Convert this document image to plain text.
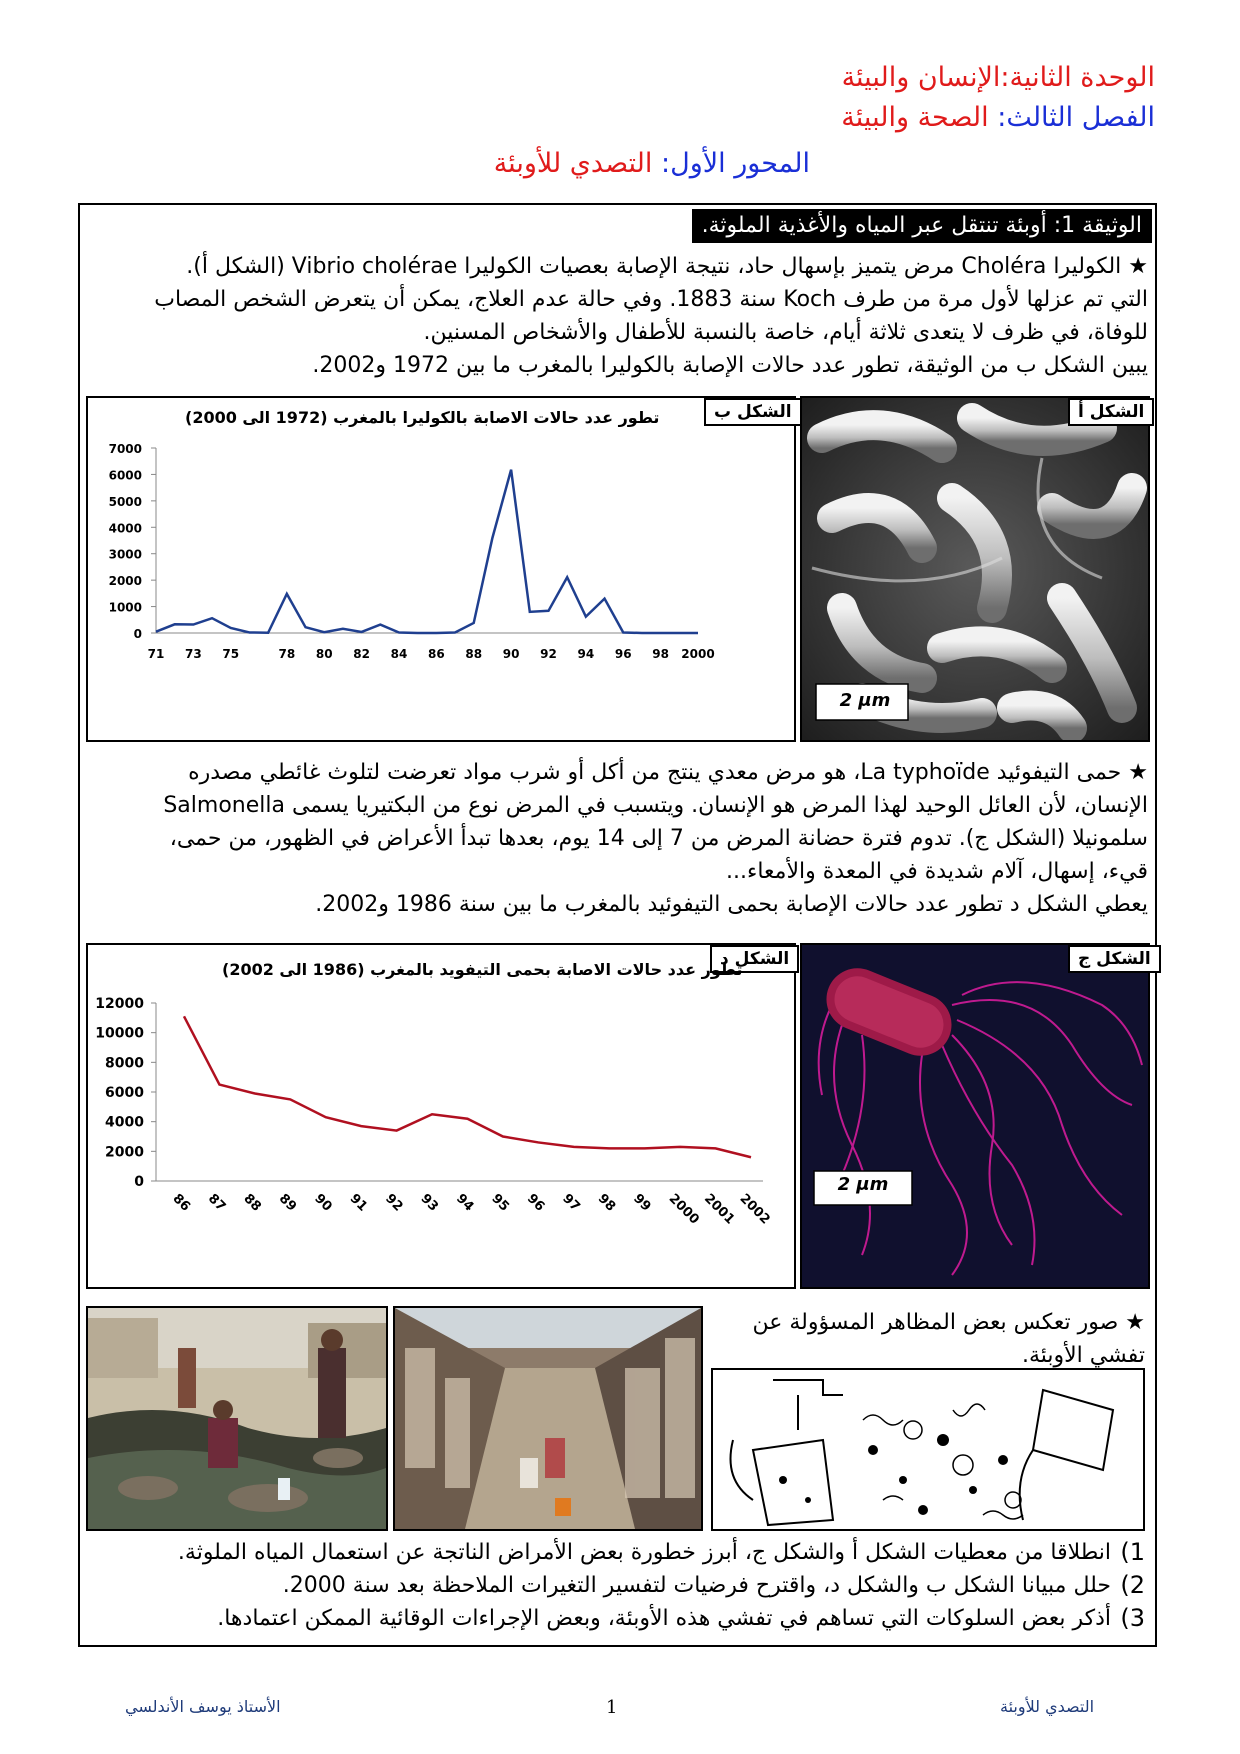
الوحدة الثانية:الإنسان والبيئة
الفصل الثالث: الصحة والبيئة
المحور الأول: التصدي للأوبئة
الوثيقة 1: أوبئة تنتقل عبر المياه والأغذية الملوثة.
★ الكوليرا Choléra مرض يتميز بإسهال حاد، نتيجة الإصابة بعصيات الكوليرا Vibrio cholérae (الشكل أ).
التي تم عزلها لأول مرة من طرف Koch سنة 1883. وفي حالة عدم العلاج، يمكن أن يتعرض الشخص المصاب
للوفاة، في ظرف لا يتعدى ثلاثة أيام، خاصة بالنسبة للأطفال والأشخاص المسنين.
يبين الشكل ب من الوثيقة، تطور عدد حالات الإصابة بالكوليرا بالمغرب ما بين 1972 و2002.
0
1000
2000
3000
4000
5000
6000
7000
71 73 75	78 80 82 84 86 88 90 92 94 96 98 2000
الشكل ب
تطور عدد حالات الاصابة بالكوليرا بالمغرب (1972 الى 2000)	الشكل أ
2 μm
★ حمى التيفوئيد La typhoïde، هو مرض معدي ينتج من أكل أو شرب مواد تعرضت لتلوث غائطي مصدره
الإنسان، لأن العائل الوحيد لهذا المرض هو الإنسان. ويتسبب في المرض نوع من البكتيريا يسمى Salmonella
سلمونيلا (الشكل ج). تدوم فترة حضانة المرض من 7 إلى 14 يوم، بعدها تبدأ الأعراض في الظهور، من حمى،
قيء، إسهال، آلام شديدة في المعدة والأمعاء...
يعطي الشكل د تطور عدد حالات الإصابة بحمى التيفوئيد بالمغرب ما بين سنة 1986 و2002.
0
2000
4000
6000
8000
10000
12000
86 87 88 89 90 91 92 93 94 95 96 97 98 99 2000 2001 2002
الشكل د
تطور عدد حالات الاصابة بحمى التيفويد بالمغرب (1986 الى 2002)
الشكل ج
2 μm
★ صور تعكس بعض المظاهر المسؤولة عن
تفشي الأوبئة.
1)
انطلاقا من معطيات الشكل أ والشكل ج، أبرز خطورة بعض الأمراض الناتجة عن استعمال المياه الملوثة.
2)
حلل مبيانا الشكل ب والشكل د، واقترح فرضيات لتفسير التغيرات الملاحظة بعد سنة 2000.
3)
أذكر بعض السلوكات التي تساهم في تفشي هذه الأوبئة، وبعض الإجراءات الوقائية الممكن اعتمادها.
الأستاذ يوسف الأندلسي	1	التصدي للأوبئة
